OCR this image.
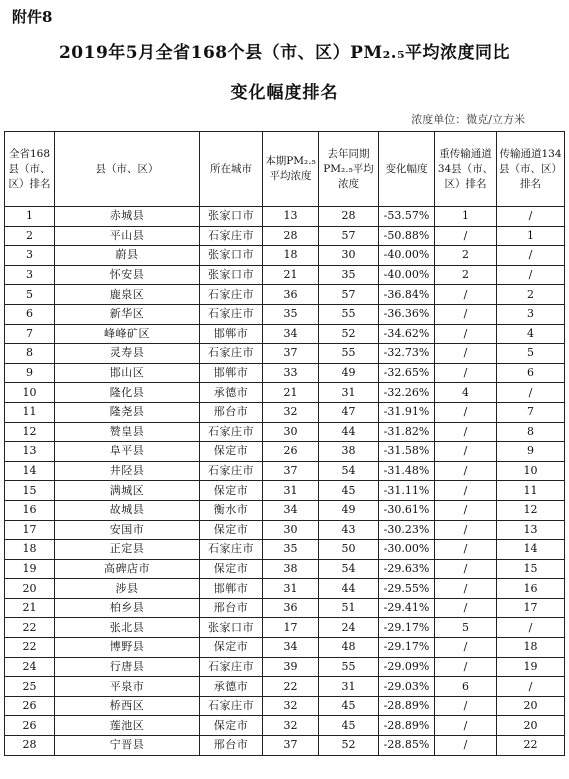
附件8
2019年5月全省168个县（市、区）PM₂.₅平均浓度同比
变化幅度排名
浓度单位：微克/立方米
全省168县（市、区）排名	县（市、区）	所在城市	本期PM₂.₅平均浓度	去年同期PM₂.₅平均浓度	变化幅度	重传输通道34县（市、区）排名	传输通道134县（市、区）排名
1	赤城县	张家口市	13	28	-53.57%	1	/
2	平山县	石家庄市	28	57	-50.88%	/	1
3	蔚县	张家口市	18	30	-40.00%	2	/
3	怀安县	张家口市	21	35	-40.00%	2	/
5	鹿泉区	石家庄市	36	57	-36.84%	/	2
6	新华区	石家庄市	35	55	-36.36%	/	3
7	峰峰矿区	邯郸市	34	52	-34.62%	/	4
8	灵寿县	石家庄市	37	55	-32.73%	/	5
9	邯山区	邯郸市	33	49	-32.65%	/	6
10	隆化县	承德市	21	31	-32.26%	4	/
11	隆尧县	邢台市	32	47	-31.91%	/	7
12	赞皇县	石家庄市	30	44	-31.82%	/	8
13	阜平县	保定市	26	38	-31.58%	/	9
14	井陉县	石家庄市	37	54	-31.48%	/	10
15	满城区	保定市	31	45	-31.11%	/	11
16	故城县	衡水市	34	49	-30.61%	/	12
17	安国市	保定市	30	43	-30.23%	/	13
18	正定县	石家庄市	35	50	-30.00%	/	14
19	高碑店市	保定市	38	54	-29.63%	/	15
20	涉县	邯郸市	31	44	-29.55%	/	16
21	柏乡县	邢台市	36	51	-29.41%	/	17
22	张北县	张家口市	17	24	-29.17%	5	/
22	博野县	保定市	34	48	-29.17%	/	18
24	行唐县	石家庄市	39	55	-29.09%	/	19
25	平泉市	承德市	22	31	-29.03%	6	/
26	桥西区	石家庄市	32	45	-28.89%	/	20
26	莲池区	保定市	32	45	-28.89%	/	20
28	宁晋县	邢台市	37	52	-28.85%	/	22
